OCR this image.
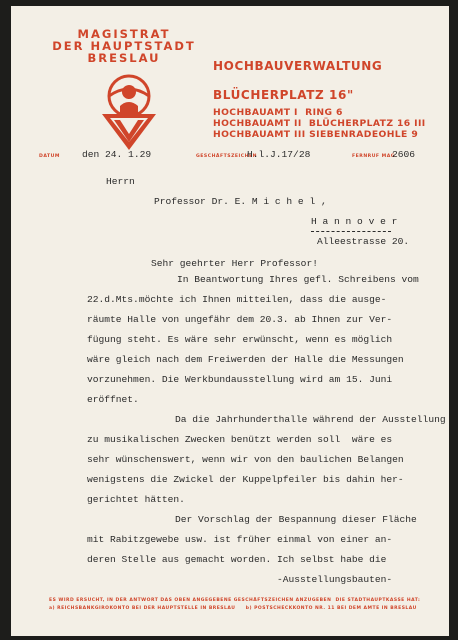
MAGISTRAT
DER HAUPTSTADT
BRESLAU
HOCHBAUVERWALTUNG
BLÜCHERPLATZ 16"
HOCHBAUAMT I RING 6
HOCHBAUAMT II BLÜCHERPLATZ 16 III
HOCHBAUAMT III SIEBENRADEOHLE 9
DATUM den 24. 1.29	GESCHÄFTSZEICHEN
H.l.J.17/28	FERNRUF MAG.
2606
Herrn
Professor Dr. E. M i c h e l ,
H a n n o v e r
Alleestrasse 20.
Sehr geehrter Herr Professor!
In Beantwortung Ihres gefl. Schreibens vom
22.d.Mts.möchte ich Ihnen mitteilen, dass die ausge-
räumte Halle von ungefähr dem 20.3. ab Ihnen zur Ver-
fügung steht. Es wäre sehr erwünscht, wenn es möglich
wäre gleich nach dem Freiwerden der Halle die Messungen
vorzunehmen. Die Werkbundausstellung wird am 15. Juni
eröffnet.
Da die Jahrhunderthalle während der Ausstellung
zu musikalischen Zwecken benützt werden soll  wäre es
sehr wünschenswert, wenn wir von den baulichen Belangen
wenigstens die Zwickel der Kuppelpfeiler bis dahin her-
gerichtet hätten.
Der Vorschlag der Bespannung dieser Fläche
mit Rabitzgewebe usw. ist früher einmal von einer an-
deren Stelle aus gemacht worden. Ich selbst habe die
-Ausstellungsbauten-
ES WIRD ERSUCHT, IN DER ANTWORT DAS OBEN ANGEGEBENE GESCHÄFTSZEICHEN ANZUGEBEN  DIE STADTHAUPTKASSE HAT:
a) REICHSBANKGIROKONTO BEI DER HAUPTSTELLE IN BRESLAU     b) POSTSCHECKKONTO NR. 11 BEI DEM AMTE IN BRESLAU
